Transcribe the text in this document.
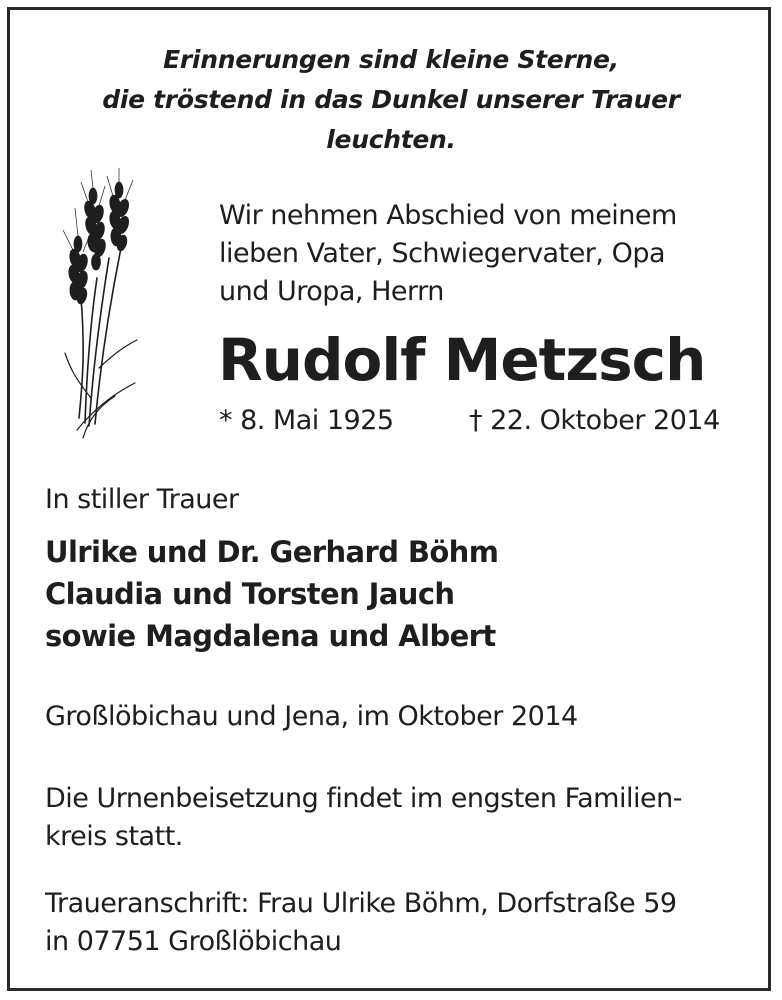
Erinnerungen sind kleine Sterne,
die tröstend in das Dunkel unserer Trauer
leuchten.
Wir nehmen Abschied von meinem
lieben Vater, Schwiegervater, Opa
und Uropa, Herrn
Rudolf Metzsch
* 8. Mai 1925	† 22. Oktober 2014
In stiller Trauer
Ulrike und Dr. Gerhard Böhm
Claudia und Torsten Jauch
sowie Magdalena und Albert
Großlöbichau und Jena, im Oktober 2014
Die Urnenbeisetzung findet im engsten Familien-
kreis statt.
Traueranschrift: Frau Ulrike Böhm, Dorfstraße 59
in 07751 Großlöbichau
